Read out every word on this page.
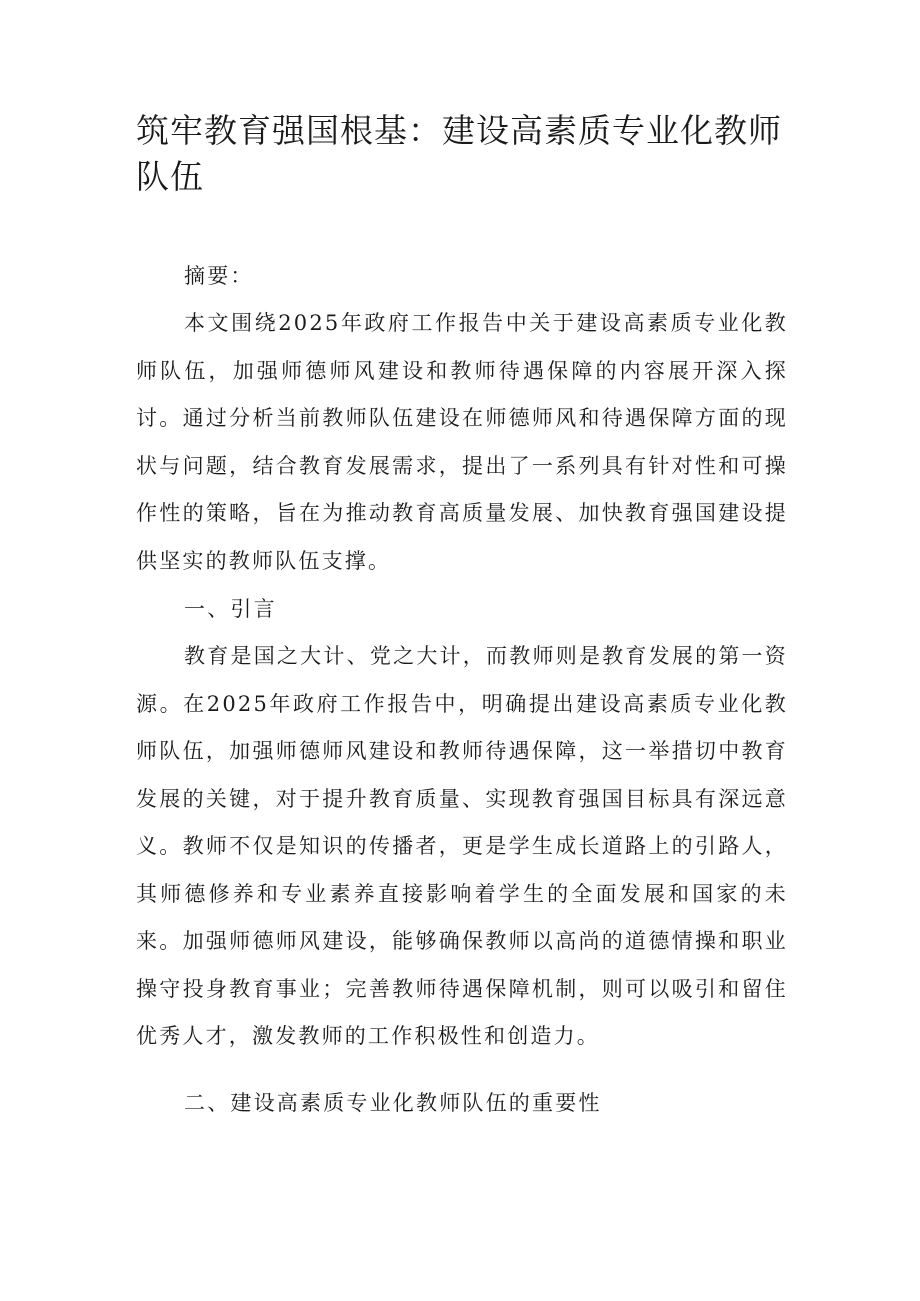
筑牢教育强国根基：建设高素质专业化教师队伍

摘要：

本文围绕2025年政府工作报告中关于建设高素质专业化教师队伍，加强师德师风建设和教师待遇保障的内容展开深入探讨。通过分析当前教师队伍建设在师德师风和待遇保障方面的现状与问题，结合教育发展需求，提出了一系列具有针对性和可操作性的策略，旨在为推动教育高质量发展、加快教育强国建设提供坚实的教师队伍支撑。

一、引言

教育是国之大计、党之大计，而教师则是教育发展的第一资源。在2025年政府工作报告中，明确提出建设高素质专业化教师队伍，加强师德师风建设和教师待遇保障，这一举措切中教育发展的关键，对于提升教育质量、实现教育强国目标具有深远意义。教师不仅是知识的传播者，更是学生成长道路上的引路人，其师德修养和专业素养直接影响着学生的全面发展和国家的未来。加强师德师风建设，能够确保教师以高尚的道德情操和职业操守投身教育事业；完善教师待遇保障机制，则可以吸引和留住优秀人才，激发教师的工作积极性和创造力。

二、建设高素质专业化教师队伍的重要性
